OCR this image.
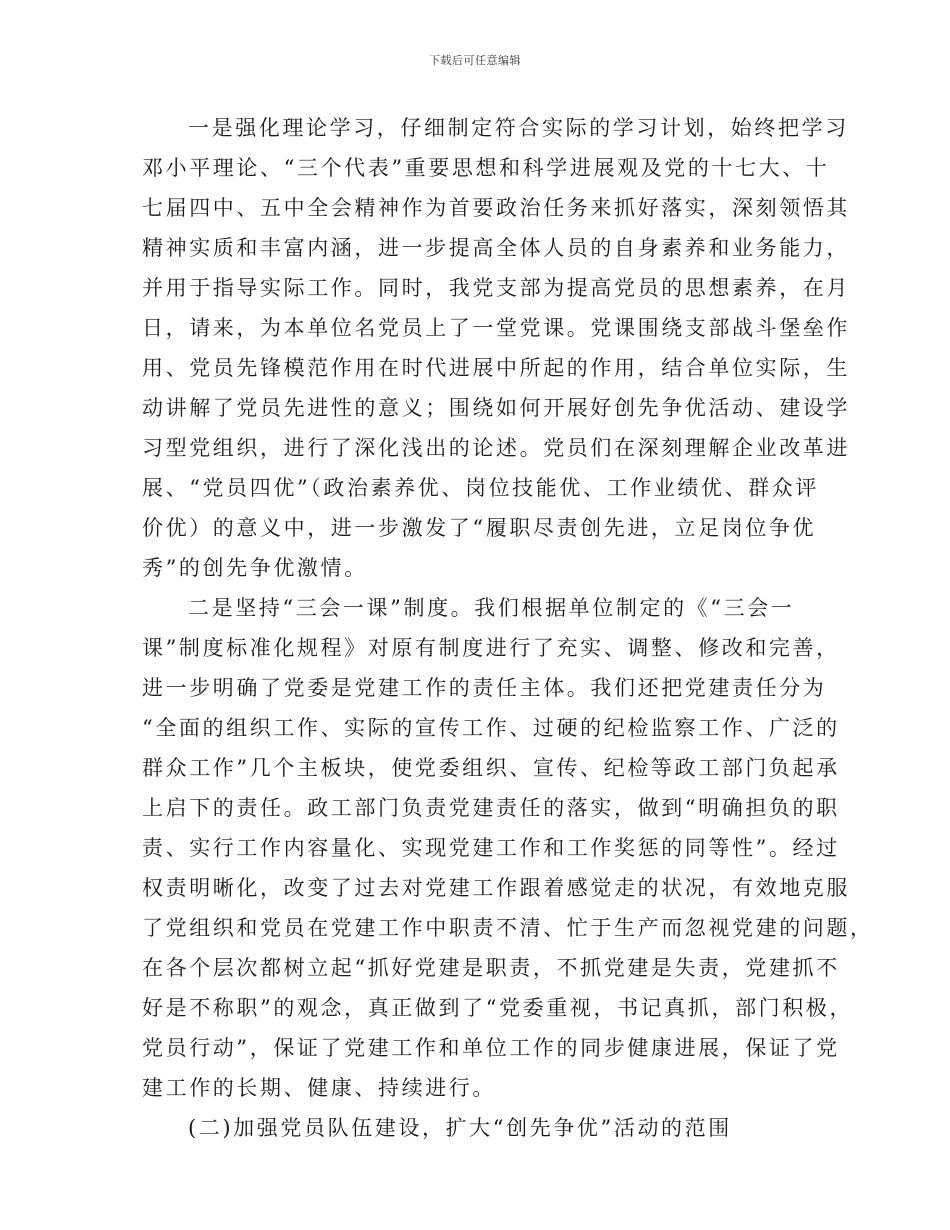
下载后可任意编辑
一是强化理论学习，仔细制定符合实际的学习计划，始终把学习
邓小平理论、“三个代表”重要思想和科学进展观及党的十七大、十
七届四中、五中全会精神作为首要政治任务来抓好落实，深刻领悟其
精神实质和丰富内涵，进一步提高全体人员的自身素养和业务能力，
并用于指导实际工作。同时，我党支部为提高党员的思想素养，在月
日，请来，为本单位名党员上了一堂党课。党课围绕支部战斗堡垒作
用、党员先锋模范作用在时代进展中所起的作用，结合单位实际，生
动讲解了党员先进性的意义；围绕如何开展好创先争优活动、建设学
习型党组织，进行了深化浅出的论述。党员们在深刻理解企业改革进
展、“党员四优”（政治素养优、岗位技能优、工作业绩优、群众评
价优）的意义中，进一步激发了“履职尽责创先进，立足岗位争优
秀”的创先争优激情。
二是坚持“三会一课”制度。我们根据单位制定的《“三会一
课”制度标准化规程》对原有制度进行了充实、调整、修改和完善，
进一步明确了党委是党建工作的责任主体。我们还把党建责任分为
“全面的组织工作、实际的宣传工作、过硬的纪检监察工作、广泛的
群众工作”几个主板块，使党委组织、宣传、纪检等政工部门负起承
上启下的责任。政工部门负责党建责任的落实，做到“明确担负的职
责、实行工作内容量化、实现党建工作和工作奖惩的同等性”。经过
权责明晰化，改变了过去对党建工作跟着感觉走的状况，有效地克服
了党组织和党员在党建工作中职责不清、忙于生产而忽视党建的问题，
在各个层次都树立起“抓好党建是职责，不抓党建是失责，党建抓不
好是不称职”的观念，真正做到了“党委重视，书记真抓，部门积极，
党员行动”，保证了党建工作和单位工作的同步健康进展，保证了党
建工作的长期、健康、持续进行。
(二)加强党员队伍建设，扩大“创先争优”活动的范围
